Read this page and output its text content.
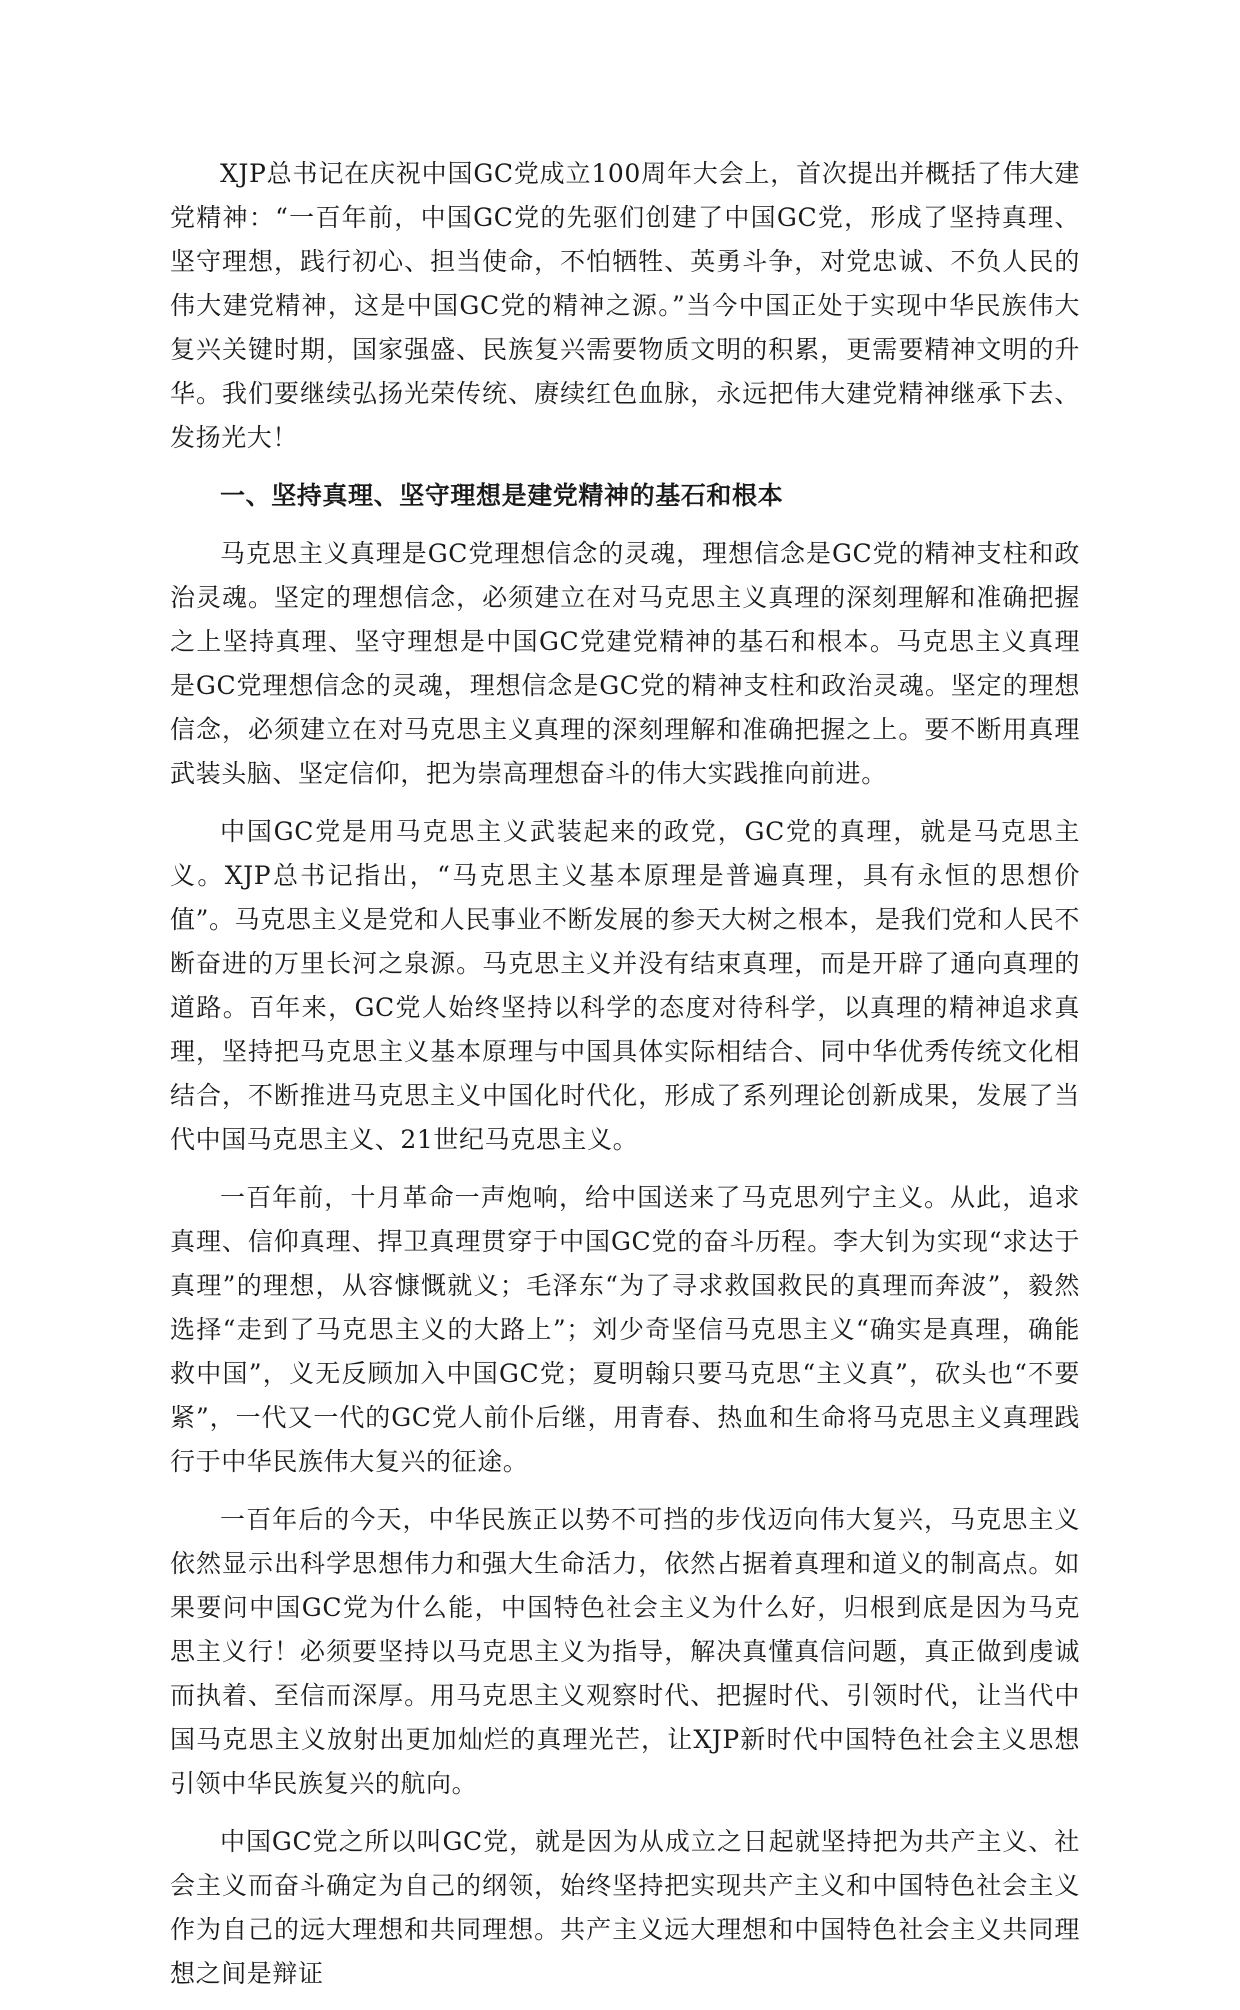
XJP总书记在庆祝中国GC党成立100周年大会上，首次提出并概括了伟大建党精神：“一百年前，中国GC党的先驱们创建了中国GC党，形成了坚持真理、坚守理想，践行初心、担当使命，不怕牺牲、英勇斗争，对党忠诚、不负人民的伟大建党精神，这是中国GC党的精神之源。”当今中国正处于实现中华民族伟大复兴关键时期，国家强盛、民族复兴需要物质文明的积累，更需要精神文明的升华。我们要继续弘扬光荣传统、赓续红色血脉，永远把伟大建党精神继承下去、发扬光大！

一、坚持真理、坚守理想是建党精神的基石和根本

马克思主义真理是GC党理想信念的灵魂，理想信念是GC党的精神支柱和政治灵魂。坚定的理想信念，必须建立在对马克思主义真理的深刻理解和准确把握之上坚持真理、坚守理想是中国GC党建党精神的基石和根本。马克思主义真理是GC党理想信念的灵魂，理想信念是GC党的精神支柱和政治灵魂。坚定的理想信念，必须建立在对马克思主义真理的深刻理解和准确把握之上。要不断用真理武装头脑、坚定信仰，把为崇高理想奋斗的伟大实践推向前进。

中国GC党是用马克思主义武装起来的政党，GC党的真理，就是马克思主义。XJP总书记指出，“马克思主义基本原理是普遍真理，具有永恒的思想价值”。马克思主义是党和人民事业不断发展的参天大树之根本，是我们党和人民不断奋进的万里长河之泉源。马克思主义并没有结束真理，而是开辟了通向真理的道路。百年来，GC党人始终坚持以科学的态度对待科学，以真理的精神追求真理，坚持把马克思主义基本原理与中国具体实际相结合、同中华优秀传统文化相结合，不断推进马克思主义中国化时代化，形成了系列理论创新成果，发展了当代中国马克思主义、21世纪马克思主义。

一百年前，十月革命一声炮响，给中国送来了马克思列宁主义。从此，追求真理、信仰真理、捍卫真理贯穿于中国GC党的奋斗历程。李大钊为实现“求达于真理”的理想，从容慷慨就义；毛泽东“为了寻求救国救民的真理而奔波”，毅然选择“走到了马克思主义的大路上”；刘少奇坚信马克思主义“确实是真理，确能救中国”，义无反顾加入中国GC党；夏明翰只要马克思“主义真”，砍头也“不要紧”，一代又一代的GC党人前仆后继，用青春、热血和生命将马克思主义真理践行于中华民族伟大复兴的征途。

一百年后的今天，中华民族正以势不可挡的步伐迈向伟大复兴，马克思主义依然显示出科学思想伟力和强大生命活力，依然占据着真理和道义的制高点。如果要问中国GC党为什么能，中国特色社会主义为什么好，归根到底是因为马克思主义行！必须要坚持以马克思主义为指导，解决真懂真信问题，真正做到虔诚而执着、至信而深厚。用马克思主义观察时代、把握时代、引领时代，让当代中国马克思主义放射出更加灿烂的真理光芒，让XJP新时代中国特色社会主义思想引领中华民族复兴的航向。

中国GC党之所以叫GC党，就是因为从成立之日起就坚持把为共产主义、社会主义而奋斗确定为自己的纲领，始终坚持把实现共产主义和中国特色社会主义作为自己的远大理想和共同理想。共产主义远大理想和中国特色社会主义共同理想之间是辩证
